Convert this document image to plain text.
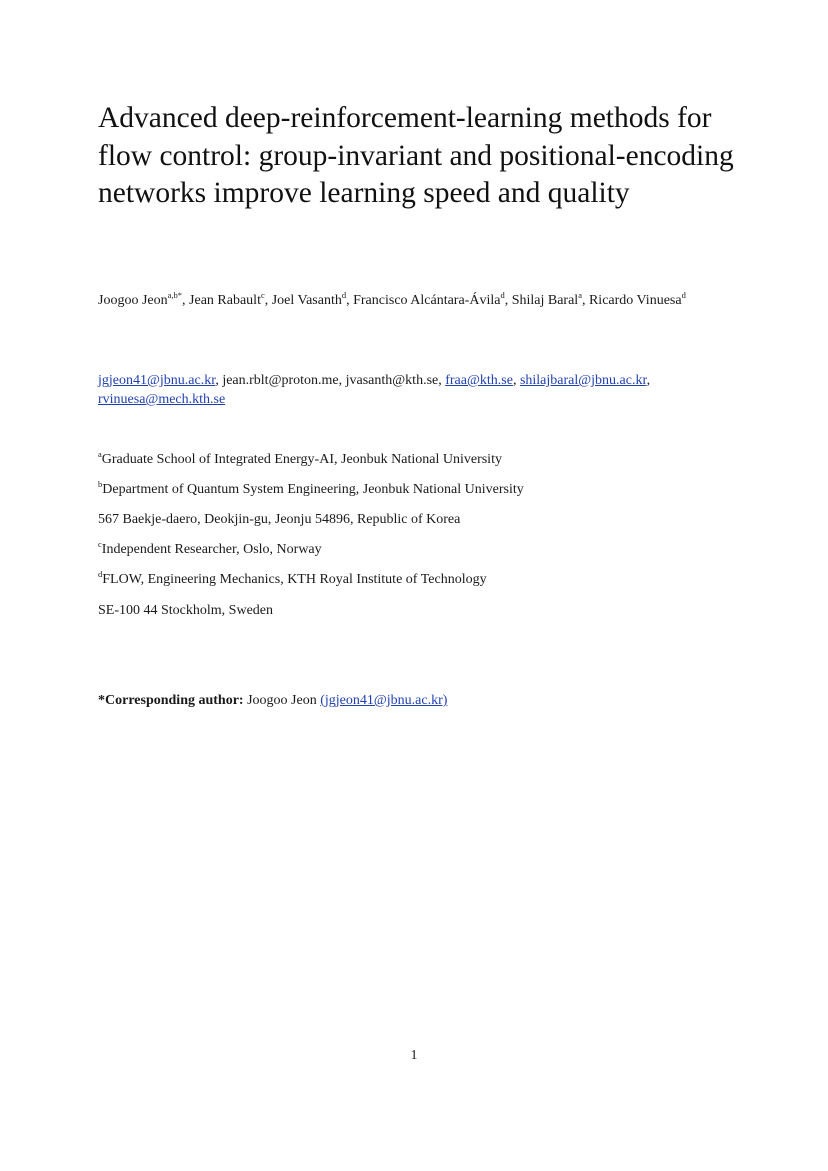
Advanced deep-reinforcement-learning methods for flow control: group-invariant and positional-encoding networks improve learning speed and quality
Joogoo Jeon$^{a,b*}$, Jean Rabault$^c$, Joel Vasanth$^d$, Francisco Alcántara-Ávila$^d$, Shilaj Baral$^a$, Ricardo Vinuesa$^d$
jgjeon41@jbnu.ac.kr, jean.rblt@proton.me, jvasanth@kth.se, fraa@kth.se, shilajbaral@jbnu.ac.kr,
rvinuesa@mech.kth.se
$^a$Graduate School of Integrated Energy-AI, Jeonbuk National University
$^b$Department of Quantum System Engineering, Jeonbuk National University
567 Baekje-daero, Deokjin-gu, Jeonju 54896, Republic of Korea
$^c$Independent Researcher, Oslo, Norway
$^d$FLOW, Engineering Mechanics, KTH Royal Institute of Technology
SE-100 44 Stockholm, Sweden
*Corresponding author: Joogoo Jeon (jgjeon41@jbnu.ac.kr)
1
